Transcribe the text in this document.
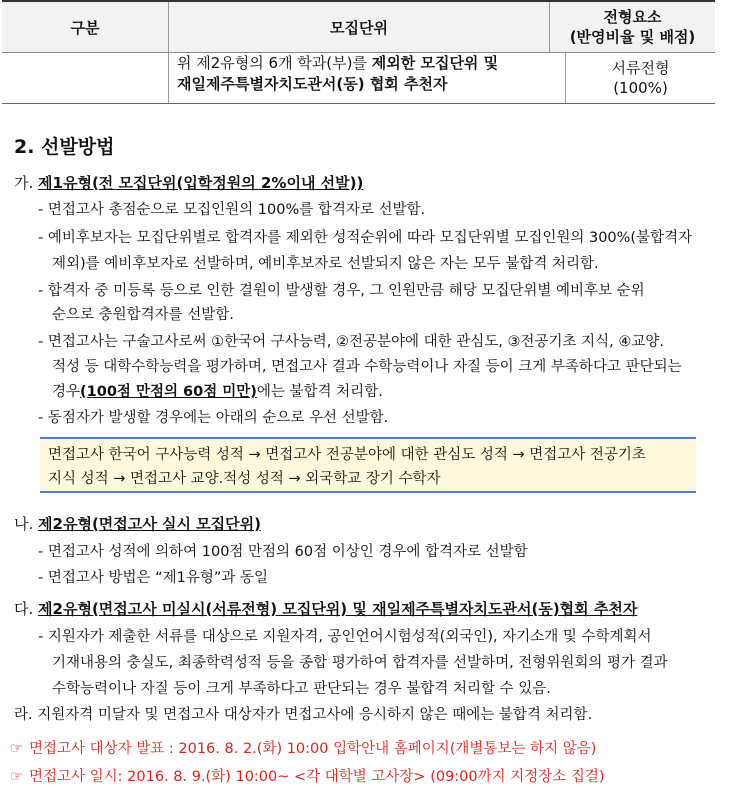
구분	모집단위
전형요소
(반영비율 및 배점)
위 제2유형의 6개 학과(부)를 제외한 모집단위 및
재일제주특별자치도관서(동) 협회 추천자
서류전형
(100%)
2. 선발방법
가. 제1유형(전 모집단위(입학정원의 2%이내 선발))
- 면접고사 총점순으로 모집인원의 100%를 합격자로 선발함.
- 예비후보자는 모집단위별로 합격자를 제외한 성적순위에 따라 모집단위별 모집인원의 300%(불합격자
제외)를 예비후보자로 선발하며, 예비후보자로 선발되지 않은 자는 모두 불합격 처리함.
- 합격자 중 미등록 등으로 인한 결원이 발생할 경우, 그 인원만큼 해당 모집단위별 예비후보 순위
순으로 충원합격자를 선발함.
- 면접고사는 구술고사로써 ①한국어 구사능력, ②전공분야에 대한 관심도, ③전공기초 지식, ④교양.
적성 등 대학수학능력을 평가하며, 면접고사 결과 수학능력이나 자질 등이 크게 부족하다고 판단되는
경우(100점 만점의 60점 미만)에는 불합격 처리함.
- 동점자가 발생할 경우에는 아래의 순으로 우선 선발함.
면접고사 한국어 구사능력 성적 → 면접고사 전공분야에 대한 관심도 성적 → 면접고사 전공기초
지식 성적 → 면접고사 교양.적성 성적 → 외국학교 장기 수학자
나. 제2유형(면접고사 실시 모집단위)
- 면접고사 성적에 의하여 100점 만점의 60점 이상인 경우에 합격자로 선발함
- 면접고사 방법은 “제1유형”과 동일
다. 제2유형(면접고사 미실시(서류전형) 모집단위) 및 재일제주특별자치도관서(동)협회 추천자
- 지원자가 제출한 서류를 대상으로 지원자격, 공인언어시험성적(외국인), 자기소개 및 수학계획서
기재내용의 충실도, 최종학력성적 등을 종합 평가하여 합격자를 선발하며, 전형위원회의 평가 결과
수학능력이나 자질 등이 크게 부족하다고 판단되는 경우 불합격 처리할 수 있음.
라. 지원자격 미달자 및 면접고사 대상자가 면접고사에 응시하지 않은 때에는 불합격 처리함.
☞ 면접고사 대상자 발표 : 2016. 8. 2.(화) 10:00 입학안내 홈페이지(개별통보는 하지 않음)
☞ 면접고사 일시: 2016. 8. 9.(화) 10:00~ <각 대학별 고사장> (09:00까지 지정장소 집결)
